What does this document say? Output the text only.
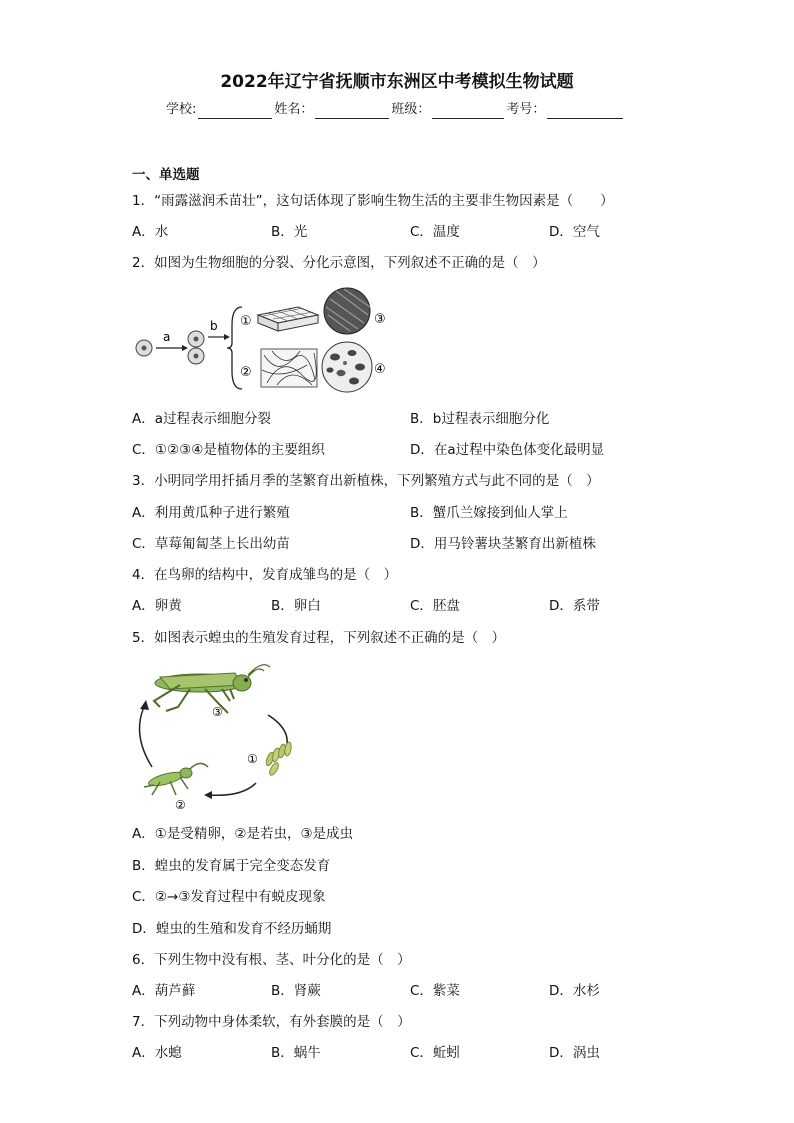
2022年辽宁省抚顺市东洲区中考模拟生物试题
学校:	姓名：	班级：	考号：
一、单选题
1．“雨露滋润禾苗壮”，这句话体现了影响生物生活的主要非生物因素是（　　）
A．水	B．光	C．温度	D．空气
2．如图为生物细胞的分裂、分化示意图，下列叙述不正确的是（　）
a
b ①
②
③
④
A．a过程表示细胞分裂	B．b过程表示细胞分化
C．①②③④是植物体的主要组织	D．在a过程中染色体变化最明显
3．小明同学用扦插月季的茎繁育出新植株，下列繁殖方式与此不同的是（　）
A．利用黄瓜种子进行繁殖	B．蟹爪兰嫁接到仙人掌上
C．草莓匍匐茎上长出幼苗	D．用马铃薯块茎繁育出新植株
4．在鸟卵的结构中，发育成雏鸟的是（　）
A．卵黄	B．卵白	C．胚盘	D．系带
5．如图表示蝗虫的生殖发育过程，下列叙述不正确的是（　）
③
①
②
A．①是受精卵，②是若虫，③是成虫
B．蝗虫的发育属于完全变态发育
C．②→③发育过程中有蜕皮现象
D．蝗虫的生殖和发育不经历蛹期
6．下列生物中没有根、茎、叶分化的是（　）
A．葫芦藓	B．肾蕨	C．紫菜	D．水杉
7．下列动物中身体柔软，有外套膜的是（　）
A．水螅	B．蜗牛	C．蚯蚓	D．涡虫
